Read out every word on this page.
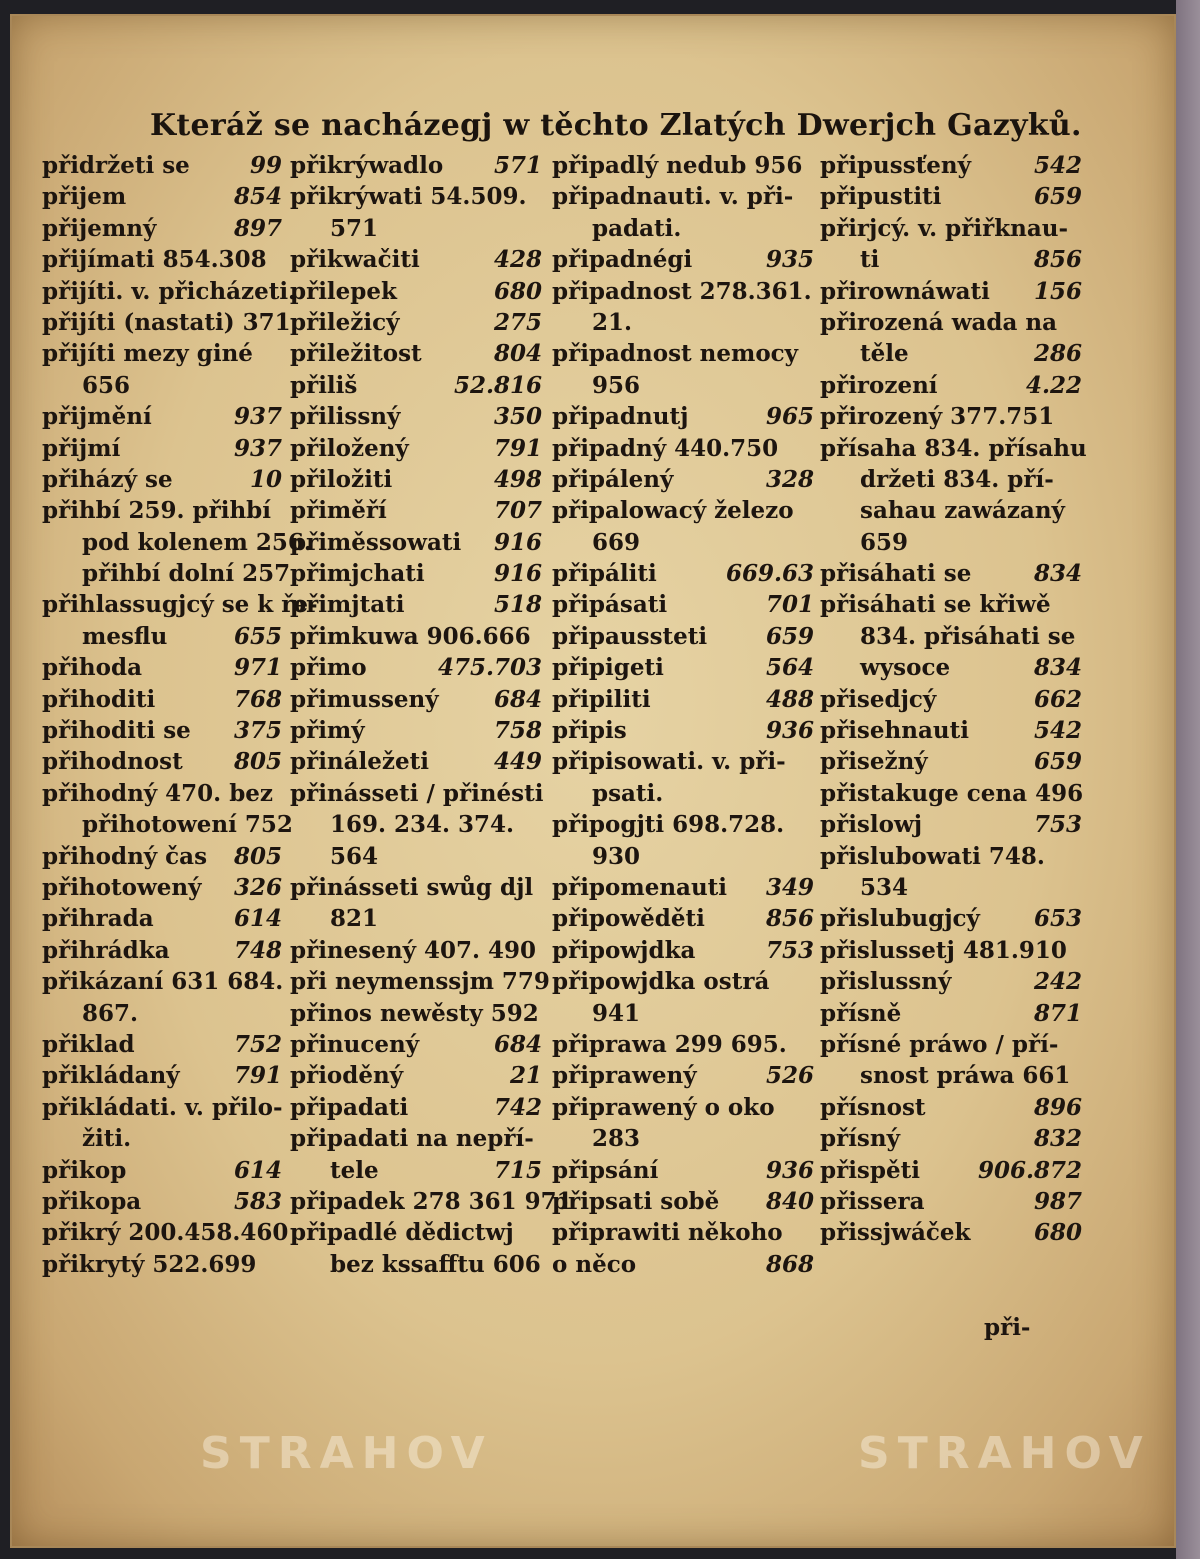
Kteráž se nacházegj w těchto Zlatých Dwerjch Gazyků.
přidržeti se	99
přijem	854
přijemný	897
přijímati 854.308
přijíti. v. přicházeti.
přijíti (nastati) 371
přijíti mezy giné
656
přijmění	937
přijmí	937
přiházý se	10
přihbí 259. přihbí
pod kolenem 256.
přihbí dolní 257
přihlassugjcý se k ře-
mesflu	655
přihoda	971
přihoditi	768
přihoditi se 375
přihodnost 805
přihodný 470. bez
přihotowení 752
přihodný čas 805
přihotowený 326
přihrada	614
přihrádka	748
přikázaní 631 684.
867.
přiklad	752
přikládaný 791
přikládati. v. přilo-
žiti.
přikop	614
přikopa	583
přikrý 200.458.460
přikrytý 522.699
přikrýwadlo 571
přikrýwati 54.509.
571
přikwačiti	428
přilepek	680
přiležicý	275
přiležitost	804
přiliš	52.816
přilissný	350
přiložený	791
přiložiti	498
přiměří	707
přiměssowati 916
přimjchati	916
přimjtati	518
přimkuwa 906.666
přimo	475.703
přimussený 684
přimý	758
přináležeti	449
přinásseti / přinésti
169. 234. 374.
564
přinásseti swůg djl
821
přinesený 407. 490
při neymenssjm 779
přinos newěsty 592
přinucený	684
přioděný	21
připadati	742
připadati na nepří-
tele	715
připadek 278 361 971
připadlé dědictwj
bez kssafftu 606
připadlý nedub 956
připadnauti. v. při-
padati.
připadnégi	935
připadnost 278.361.
21.
připadnost nemocy
956
připadnutj	965
připadný 440.750
připálený	328
připalowacý železo
669
připáliti	669.63
připásati	701
připaussteti	659
připigeti	564
připiliti	488
připis	936
připisowati. v. při-
psati.
připogjti 698.728.
930
připomenauti 349
připowěděti	856
připowjdka	753
připowjdka ostrá
941
připrawa 299 695.
připrawený	526
připrawený o oko
283
připsání	936
připsati sobě 840
připrawiti někoho
o něco	868
připussťený	542
připustiti	659
přirjcý. v. přiřknau-
ti	856
přirownáwati 156
přirozená wada na
těle	286
přirození	4.22
přirozený 377.751
přísaha 834. přísahu
držeti 834. pří-
sahau zawázaný
659
přisáhati se	834
přisáhati se křiwě
834. přisáhati se
wysoce	834
přisedjcý	662
přisehnauti	542
přisežný	659
přistakuge cena 496
přislowj	753
přislubowati 748.
534
přislubugjcý 653
přislussetj 481.910
přislussný	242
přísně	871
přísné práwo / pří-
snost práwa 661
přísnost	896
přísný	832
přispěti	906.872
přissera	987
přissjwáček	680
při-
STRAHOV	STRAHOV
